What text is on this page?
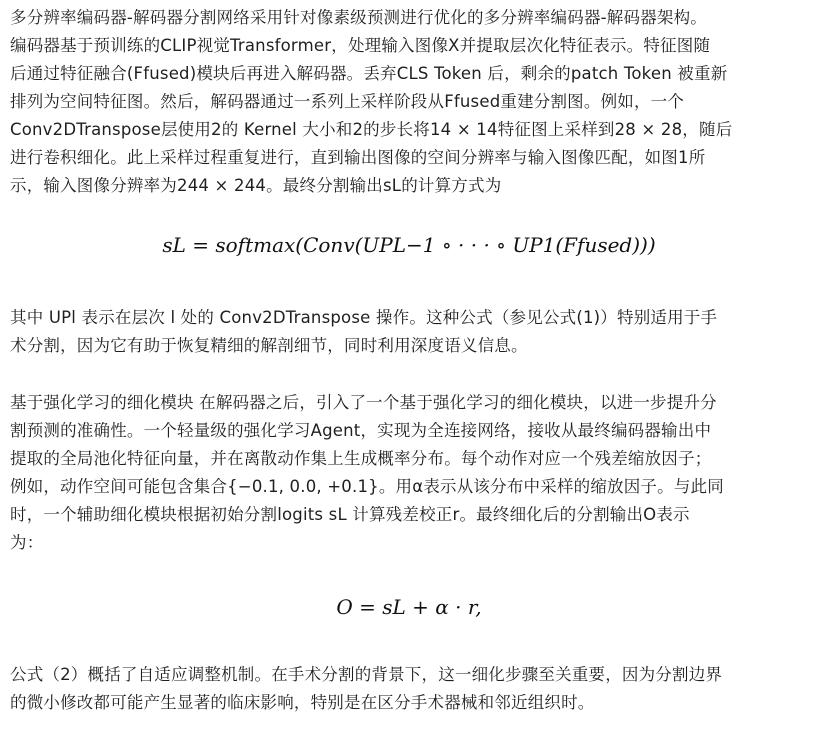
多分辨率编码器-解码器分割网络采用针对像素级预测进行优化的多分辨率编码器-解码器架构。
编码器基于预训练的CLIP视觉Transformer，处理输入图像X并提取层次化特征表示。特征图随
后通过特征融合(Ffused)模块后再进入解码器。丢弃CLS Token 后，剩余的patch Token 被重新
排列为空间特征图。然后，解码器通过一系列上采样阶段从Ffused重建分割图。例如，一个
Conv2DTranspose层使用2的 Kernel 大小和2的步长将14 × 14特征图上采样到28 × 28，随后
进行卷积细化。此上采样过程重复进行，直到输出图像的空间分辨率与输入图像匹配，如图1所
示，输入图像分辨率为244 × 244。最终分割输出sL的计算方式为

sL = softmax(Conv(UPL−1 ∘ · · · ∘ UP1(Ffused)))

其中 UPl 表示在层次 l 处的 Conv2DTranspose 操作。这种公式（参见公式(1)）特别适用于手
术分割，因为它有助于恢复精细的解剖细节，同时利用深度语义信息。

基于强化学习的细化模块 在解码器之后，引入了一个基于强化学习的细化模块，以进一步提升分
割预测的准确性。一个轻量级的强化学习Agent，实现为全连接网络，接收从最终编码器输出中
提取的全局池化特征向量，并在离散动作集上生成概率分布。每个动作对应一个残差缩放因子；
例如，动作空间可能包含集合{−0.1, 0.0, +0.1}。用α表示从该分布中采样的缩放因子。与此同
时，一个辅助细化模块根据初始分割logits sL 计算残差校正r。最终细化后的分割输出O表示
为：

O = sL + α · r,

公式（2）概括了自适应调整机制。在手术分割的背景下，这一细化步骤至关重要，因为分割边界
的微小修改都可能产生显著的临床影响，特别是在区分手术器械和邻近组织时。
